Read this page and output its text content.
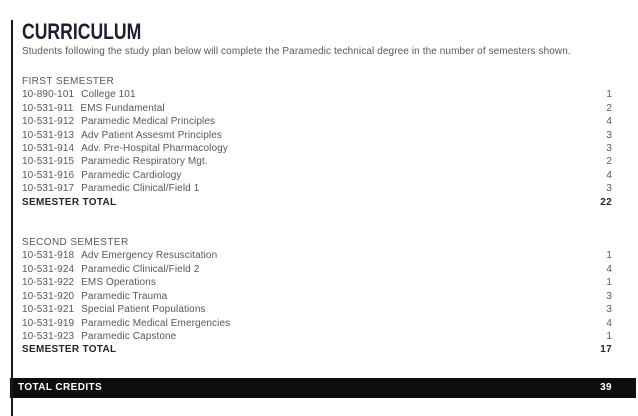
CURRICULUM
Students following the study plan below will complete the Paramedic technical degree in the number of semesters shown.
FIRST SEMESTER
10-890-101 College 101	1
10-531-911 EMS Fundamental	2
10-531-912 Paramedic Medical Principles	4
10-531-913 Adv Patient Assesmt Principles	3
10-531-914 Adv. Pre-Hospital Pharmacology	3
10-531-915 Paramedic Respiratory Mgt.	2
10-531-916 Paramedic Cardiology	4
10-531-917 Paramedic Clinical/Field 1	3
SEMESTER TOTAL	22
SECOND SEMESTER
10-531-918 Adv Emergency Resuscitation	1
10-531-924 Paramedic Clinical/Field 2	4
10-531-922 EMS Operations	1
10-531-920 Paramedic Trauma	3
10-531-921 Special Patient Populations	3
10-531-919 Paramedic Medical Emergencies	4
10-531-923 Paramedic Capstone	1
SEMESTER TOTAL	17
TOTAL CREDITS	39
